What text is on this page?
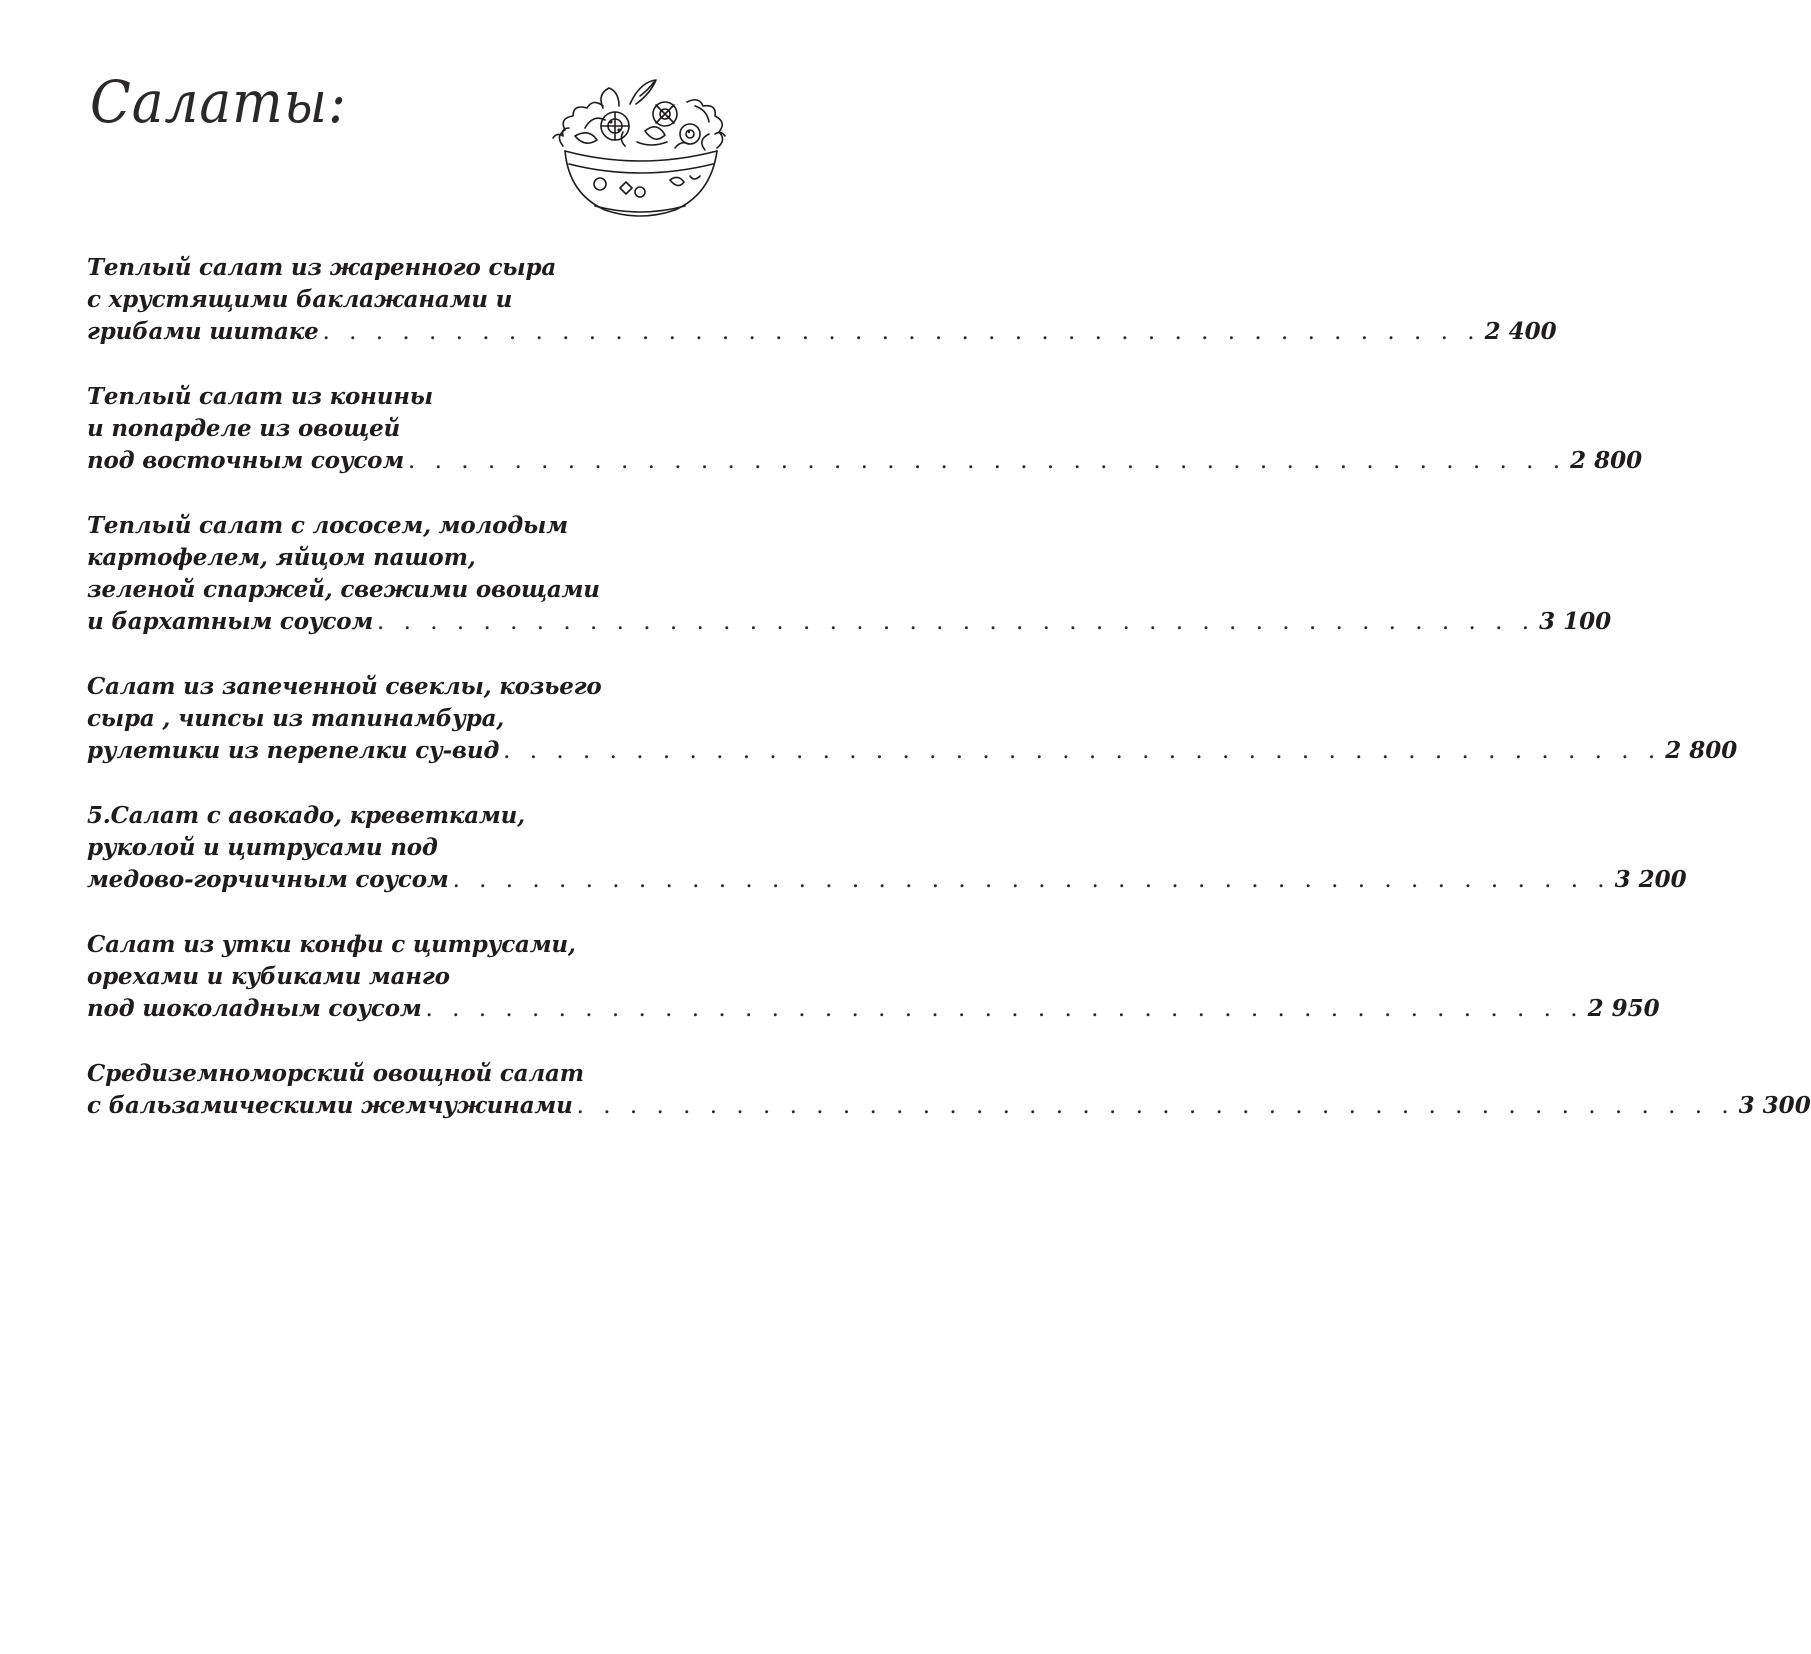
Салаты:
Теплый салат из жаренного сыра
с хрустящими баклажанами и
грибами шитаке . . . . . . . . . . . . . . . . . . . . . . . . . . . . . . . . . . . . . . . . . . . . 2 400
Теплый салат из конины
и попарделе из овощей
под восточным соусом . . . . . . . . . . . . . . . . . . . . . . . . . . . . . . . . . . . . . . . . . . . . 2 800
Теплый салат с лососем, молодым
картофелем, яйцом пашот,
зеленой спаржей, свежими овощами
и бархатным соусом . . . . . . . . . . . . . . . . . . . . . . . . . . . . . . . . . . . . . . . . . . . . 3 100
Салат из запеченной свеклы, козьего
сыра , чипсы из тапинамбура,
рулетики из перепелки су-вид . . . . . . . . . . . . . . . . . . . . . . . . . . . . . . . . . . . . . . . . . . . . 2 800
5.Салат с авокадо, креветками,
руколой и цитрусами под
медово-горчичным соусом . . . . . . . . . . . . . . . . . . . . . . . . . . . . . . . . . . . . . . . . . . . . 3 200
Салат из утки конфи с цитрусами,
орехами и кубиками манго
под шоколадным соусом . . . . . . . . . . . . . . . . . . . . . . . . . . . . . . . . . . . . . . . . . . . . 2 950
Средиземноморский овощной салат
с бальзамическими жемчужинами . . . . . . . . . . . . . . . . . . . . . . . . . . . . . . . . . . . . . . . . . . . . 3 300
